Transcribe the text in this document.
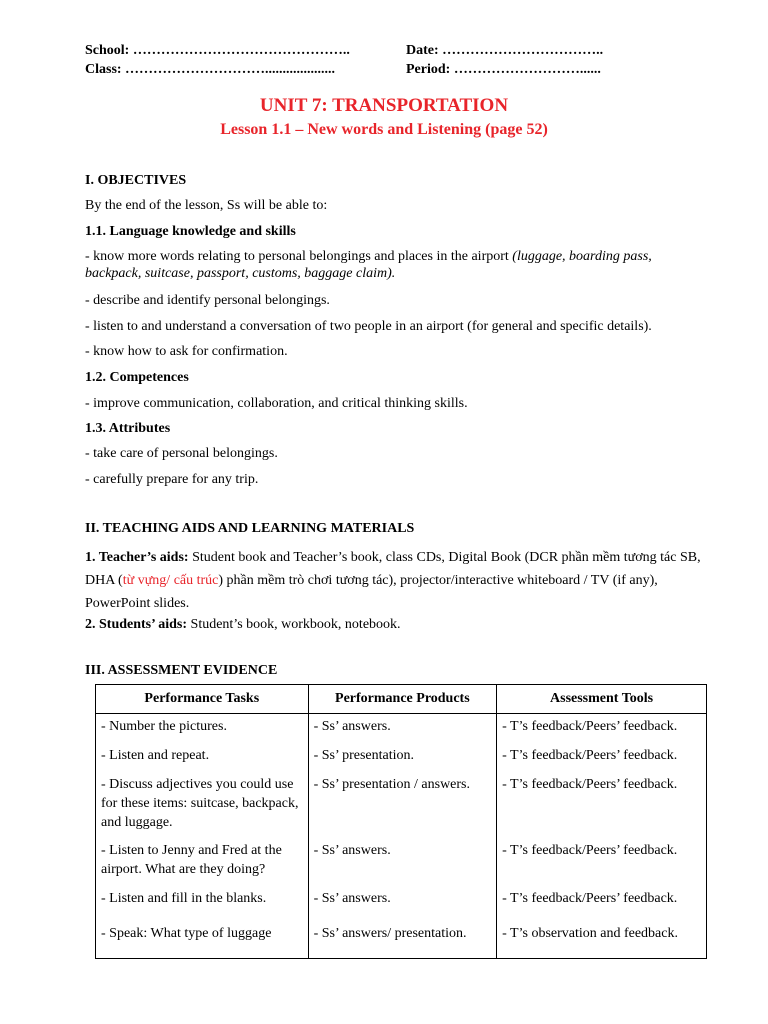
School: ………………………………………..	Date: ……………………………..
Class: …………………………....................	Period: ………………………......
UNIT 7: TRANSPORTATION
Lesson 1.1 – New words and Listening (page 52)
I. OBJECTIVES
By the end of the lesson, Ss will be able to:
1.1. Language knowledge and skills
- know more words relating to personal belongings and places in the airport (luggage, boarding pass, backpack, suitcase, passport, customs, baggage claim).
- describe and identify personal belongings.
- listen to and understand a conversation of two people in an airport (for general and specific details).
- know how to ask for confirmation.
1.2. Competences
- improve communication, collaboration, and critical thinking skills.
1.3. Attributes
- take care of personal belongings.
- carefully prepare for any trip.
II. TEACHING AIDS AND LEARNING MATERIALS
1. Teacher’s aids: Student book and Teacher’s book, class CDs, Digital Book (DCR phần mềm tương tác SB, DHA (từ vựng/ cấu trúc) phần mềm trò chơi tương tác), projector/interactive whiteboard / TV (if any), PowerPoint slides.
2. Students’ aids: Student’s book, workbook, notebook.
III. ASSESSMENT EVIDENCE
Performance Tasks	Performance Products	Assessment Tools
- Number the pictures.	- Ss’ answers.	- T’s feedback/Peers’ feedback.
- Listen and repeat.	- Ss’ presentation.	- T’s feedback/Peers’ feedback.
- Discuss adjectives you could use for these items: suitcase, backpack, and luggage.	- Ss’ presentation / answers.	- T’s feedback/Peers’ feedback.
- Listen to Jenny and Fred at the airport. What are they doing?	- Ss’ answers.	- T’s feedback/Peers’ feedback.
- Listen and fill in the blanks.	- Ss’ answers.	- T’s feedback/Peers’ feedback.
- Speak: What type of luggage	- Ss’ answers/ presentation.	- T’s observation and feedback.
